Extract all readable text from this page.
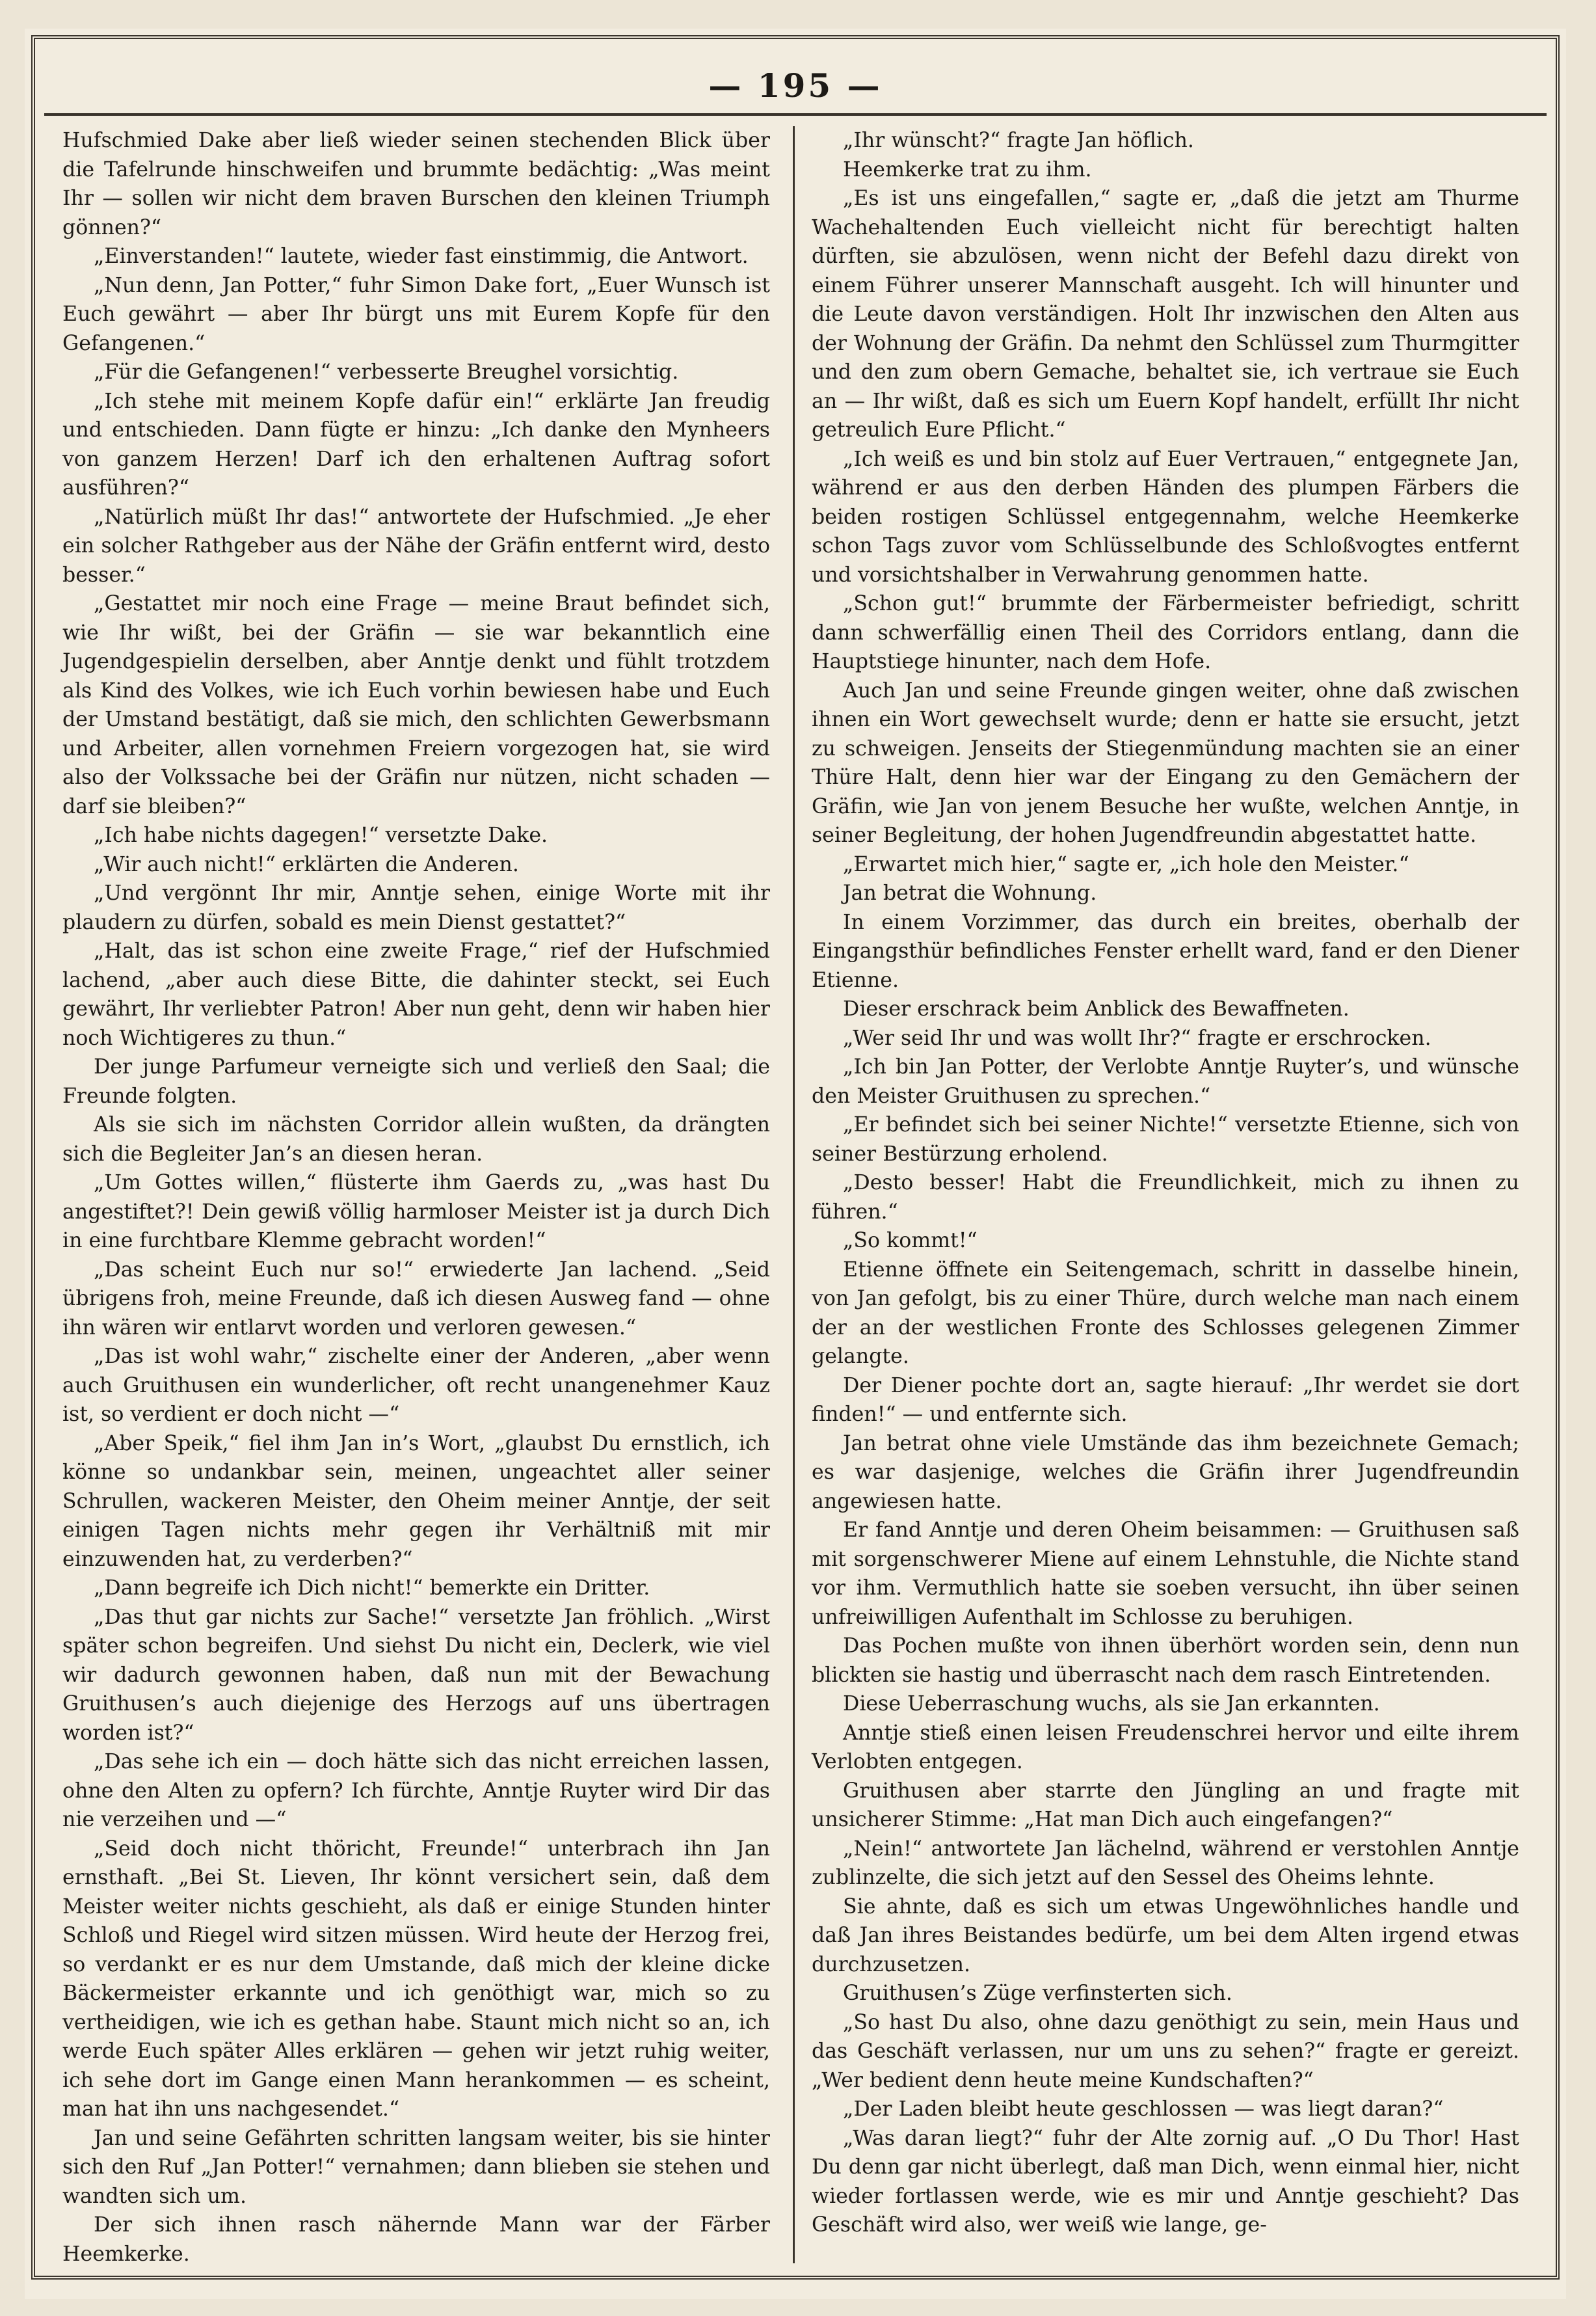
— 195 —

Hufschmied Dake aber ließ wieder seinen stechenden Blick über die Tafelrunde hinschweifen und brummte bedächtig: „Was meint Ihr — sollen wir nicht dem braven Burschen den kleinen Triumph gönnen?“

„Einverstanden!“ lautete, wieder fast einstimmig, die Antwort.

„Nun denn, Jan Potter,“ fuhr Simon Dake fort, „Euer Wunsch ist Euch gewährt — aber Ihr bürgt uns mit Eurem Kopfe für den Gefangenen.“

„Für die Gefangenen!“ verbesserte Breughel vorsichtig.

„Ich stehe mit meinem Kopfe dafür ein!“ erklärte Jan freudig und entschieden. Dann fügte er hinzu: „Ich danke den Mynheers von ganzem Herzen! Darf ich den erhaltenen Auftrag sofort ausführen?“

„Natürlich müßt Ihr das!“ antwortete der Hufschmied. „Je eher ein solcher Rathgeber aus der Nähe der Gräfin entfernt wird, desto besser.“

„Gestattet mir noch eine Frage — meine Braut befindet sich, wie Ihr wißt, bei der Gräfin — sie war bekanntlich eine Jugendgespielin derselben, aber Anntje denkt und fühlt trotzdem als Kind des Volkes, wie ich Euch vorhin bewiesen habe und Euch der Umstand bestätigt, daß sie mich, den schlichten Gewerbsmann und Arbeiter, allen vornehmen Freiern vorgezogen hat, sie wird also der Volkssache bei der Gräfin nur nützen, nicht schaden — darf sie bleiben?“

„Ich habe nichts dagegen!“ versetzte Dake.

„Wir auch nicht!“ erklärten die Anderen.

„Und vergönnt Ihr mir, Anntje sehen, einige Worte mit ihr plaudern zu dürfen, sobald es mein Dienst gestattet?“

„Halt, das ist schon eine zweite Frage,“ rief der Hufschmied lachend, „aber auch diese Bitte, die dahinter steckt, sei Euch gewährt, Ihr verliebter Patron! Aber nun geht, denn wir haben hier noch Wichtigeres zu thun.“

Der junge Parfumeur verneigte sich und verließ den Saal; die Freunde folgten.

Als sie sich im nächsten Corridor allein wußten, da drängten sich die Begleiter Jan’s an diesen heran.

„Um Gottes willen,“ flüsterte ihm Gaerds zu, „was hast Du angestiftet?! Dein gewiß völlig harmloser Meister ist ja durch Dich in eine furchtbare Klemme gebracht worden!“

„Das scheint Euch nur so!“ erwiederte Jan lachend. „Seid übrigens froh, meine Freunde, daß ich diesen Ausweg fand — ohne ihn wären wir entlarvt worden und verloren gewesen.“

„Das ist wohl wahr,“ zischelte einer der Anderen, „aber wenn auch Gruithusen ein wunderlicher, oft recht unangenehmer Kauz ist, so verdient er doch nicht —“

„Aber Speik,“ fiel ihm Jan in’s Wort, „glaubst Du ernstlich, ich könne so undankbar sein, meinen, ungeachtet aller seiner Schrullen, wackeren Meister, den Oheim meiner Anntje, der seit einigen Tagen nichts mehr gegen ihr Verhältniß mit mir einzuwenden hat, zu verderben?“

„Dann begreife ich Dich nicht!“ bemerkte ein Dritter.

„Das thut gar nichts zur Sache!“ versetzte Jan fröhlich. „Wirst später schon begreifen. Und siehst Du nicht ein, Declerk, wie viel wir dadurch gewonnen haben, daß nun mit der Bewachung Gruithusen’s auch diejenige des Herzogs auf uns übertragen worden ist?“

„Das sehe ich ein — doch hätte sich das nicht erreichen lassen, ohne den Alten zu opfern? Ich fürchte, Anntje Ruyter wird Dir das nie verzeihen und —“

„Seid doch nicht thöricht, Freunde!“ unterbrach ihn Jan ernsthaft. „Bei St. Lieven, Ihr könnt versichert sein, daß dem Meister weiter nichts geschieht, als daß er einige Stunden hinter Schloß und Riegel wird sitzen müssen. Wird heute der Herzog frei, so verdankt er es nur dem Umstande, daß mich der kleine dicke Bäckermeister erkannte und ich genöthigt war, mich so zu vertheidigen, wie ich es gethan habe. Staunt mich nicht so an, ich werde Euch später Alles erklären — gehen wir jetzt ruhig weiter, ich sehe dort im Gange einen Mann herankommen — es scheint, man hat ihn uns nachgesendet.“

Jan und seine Gefährten schritten langsam weiter, bis sie hinter sich den Ruf „Jan Potter!“ vernahmen; dann blieben sie stehen und wandten sich um.

Der sich ihnen rasch nähernde Mann war der Färber Heemkerke.

„Ihr wünscht?“ fragte Jan höflich.

Heemkerke trat zu ihm.

„Es ist uns eingefallen,“ sagte er, „daß die jetzt am Thurme Wachehaltenden Euch vielleicht nicht für berechtigt halten dürften, sie abzulösen, wenn nicht der Befehl dazu direkt von einem Führer unserer Mannschaft ausgeht. Ich will hinunter und die Leute davon verständigen. Holt Ihr inzwischen den Alten aus der Wohnung der Gräfin. Da nehmt den Schlüssel zum Thurmgitter und den zum obern Gemache, behaltet sie, ich vertraue sie Euch an — Ihr wißt, daß es sich um Euern Kopf handelt, erfüllt Ihr nicht getreulich Eure Pflicht.“

„Ich weiß es und bin stolz auf Euer Vertrauen,“ entgegnete Jan, während er aus den derben Händen des plumpen Färbers die beiden rostigen Schlüssel entgegennahm, welche Heemkerke schon Tags zuvor vom Schlüsselbunde des Schloßvogtes entfernt und vorsichtshalber in Verwahrung genommen hatte.

„Schon gut!“ brummte der Färbermeister befriedigt, schritt dann schwerfällig einen Theil des Corridors entlang, dann die Hauptstiege hinunter, nach dem Hofe.

Auch Jan und seine Freunde gingen weiter, ohne daß zwischen ihnen ein Wort gewechselt wurde; denn er hatte sie ersucht, jetzt zu schweigen. Jenseits der Stiegenmündung machten sie an einer Thüre Halt, denn hier war der Eingang zu den Gemächern der Gräfin, wie Jan von jenem Besuche her wußte, welchen Anntje, in seiner Begleitung, der hohen Jugendfreundin abgestattet hatte.

„Erwartet mich hier,“ sagte er, „ich hole den Meister.“

Jan betrat die Wohnung.

In einem Vorzimmer, das durch ein breites, oberhalb der Eingangsthür befindliches Fenster erhellt ward, fand er den Diener Etienne.

Dieser erschrack beim Anblick des Bewaffneten.

„Wer seid Ihr und was wollt Ihr?“ fragte er erschrocken.

„Ich bin Jan Potter, der Verlobte Anntje Ruyter’s, und wünsche den Meister Gruithusen zu sprechen.“

„Er befindet sich bei seiner Nichte!“ versetzte Etienne, sich von seiner Bestürzung erholend.

„Desto besser! Habt die Freundlichkeit, mich zu ihnen zu führen.“

„So kommt!“

Etienne öffnete ein Seitengemach, schritt in dasselbe hinein, von Jan gefolgt, bis zu einer Thüre, durch welche man nach einem der an der westlichen Fronte des Schlosses gelegenen Zimmer gelangte.

Der Diener pochte dort an, sagte hierauf: „Ihr werdet sie dort finden!“ — und entfernte sich.

Jan betrat ohne viele Umstände das ihm bezeichnete Gemach; es war dasjenige, welches die Gräfin ihrer Jugendfreundin angewiesen hatte.

Er fand Anntje und deren Oheim beisammen: — Gruithusen saß mit sorgenschwerer Miene auf einem Lehnstuhle, die Nichte stand vor ihm. Vermuthlich hatte sie soeben versucht, ihn über seinen unfreiwilligen Aufenthalt im Schlosse zu beruhigen.

Das Pochen mußte von ihnen überhört worden sein, denn nun blickten sie hastig und überrascht nach dem rasch Eintretenden.

Diese Ueberraschung wuchs, als sie Jan erkannten.

Anntje stieß einen leisen Freudenschrei hervor und eilte ihrem Verlobten entgegen.

Gruithusen aber starrte den Jüngling an und fragte mit unsicherer Stimme: „Hat man Dich auch eingefangen?“

„Nein!“ antwortete Jan lächelnd, während er verstohlen Anntje zublinzelte, die sich jetzt auf den Sessel des Oheims lehnte.

Sie ahnte, daß es sich um etwas Ungewöhnliches handle und daß Jan ihres Beistandes bedürfe, um bei dem Alten irgend etwas durchzusetzen.

Gruithusen’s Züge verfinsterten sich.

„So hast Du also, ohne dazu genöthigt zu sein, mein Haus und das Geschäft verlassen, nur um uns zu sehen?“ fragte er gereizt. „Wer bedient denn heute meine Kundschaften?“

„Der Laden bleibt heute geschlossen — was liegt daran?“

„Was daran liegt?“ fuhr der Alte zornig auf. „O Du Thor! Hast Du denn gar nicht überlegt, daß man Dich, wenn einmal hier, nicht wieder fortlassen werde, wie es mir und Anntje geschieht? Das Geschäft wird also, wer weiß wie lange, ge-
